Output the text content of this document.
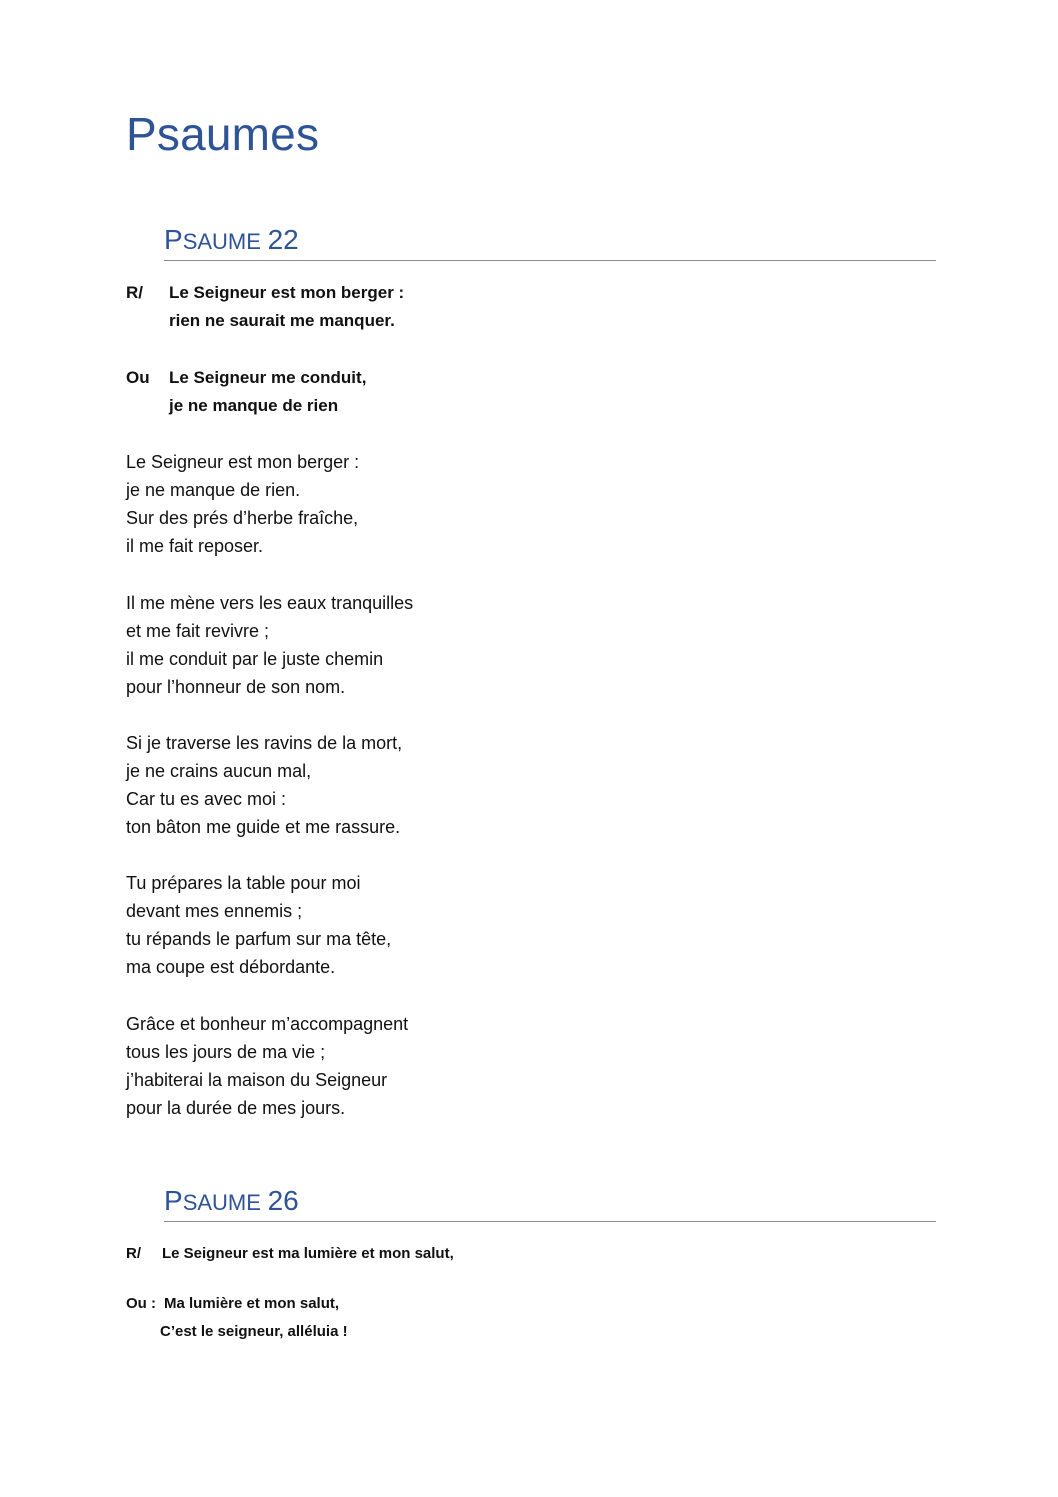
Psaumes
PSAUME 22
R/ Le Seigneur est mon berger :
rien ne saurait me manquer.
Ou Le Seigneur me conduit,
je ne manque de rien
Le Seigneur est mon berger :
je ne manque de rien.
Sur des prés d’herbe fraîche,
il me fait reposer.
Il me mène vers les eaux tranquilles
et me fait revivre ;
il me conduit par le juste chemin
pour l’honneur de son nom.
Si je traverse les ravins de la mort,
je ne crains aucun mal,
Car tu es avec moi :
ton bâton me guide et me rassure.
Tu prépares la table pour moi
devant mes ennemis ;
tu répands le parfum sur ma tête,
ma coupe est débordante.
Grâce et bonheur m’accompagnent
tous les jours de ma vie ;
j’habiterai la maison du Seigneur
pour la durée de mes jours.
PSAUME 26
R/ Le Seigneur est ma lumière et mon salut,
Ou : Ma lumière et mon salut,
C’est le seigneur, alléluia !
